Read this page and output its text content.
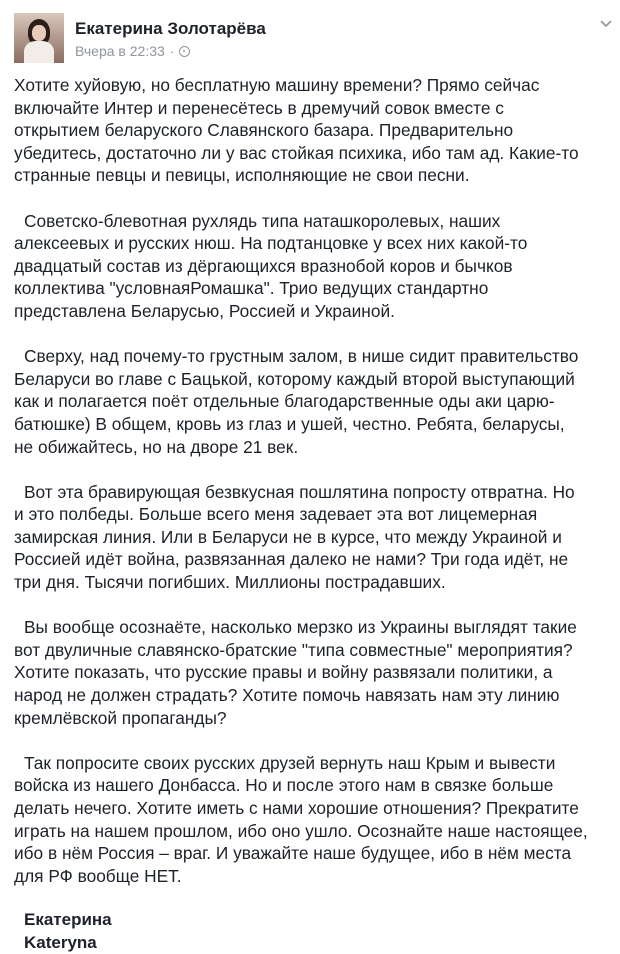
Екатерина Золотарёва
Вчера в 22:33 ·

Хотите хуйовую, но бесплатную машину времени? Прямо сейчас
включайте Интер и перенесётесь в дремучий совок вместе с
открытием беларуского Славянского базара. Предварительно
убедитесь, достаточно ли у вас стойкая психика, ибо там ад. Какие-то
странные певцы и певицы, исполняющие не свои песни.

Советско-блевотная рухлядь типа наташкоролевых, наших
алексеевых и русских нюш. На подтанцовке у всех них какой-то
двадцатый состав из дёргающихся вразнобой коров и бычков
коллектива "условнаяРомашка". Трио ведущих стандартно
представлена Беларусью, Россией и Украиной.

Сверху, над почему-то грустным залом, в нише сидит правительство
Беларуси во главе с Бацькой, которому каждый второй выступающий
как и полагается поёт отдельные благодарственные оды аки царю-
батюшке) В общем, кровь из глаз и ушей, честно. Ребята, беларусы,
не обижайтесь, но на дворе 21 век.

Вот эта бравирующая безвкусная пошлятина попросту отвратна. Но
и это полбеды. Больше всего меня задевает эта вот лицемерная
замирская линия. Или в Беларуси не в курсе, что между Украиной и
Россией идёт война, развязанная далеко не нами? Три года идёт, не
три дня. Тысячи погибших. Миллионы пострадавших.

Вы вообще осознаёте, насколько мерзко из Украины выглядят такие
вот двуличные славянско-братские "типа совместные" мероприятия?
Хотите показать, что русские правы и войну развязали политики, а
народ не должен страдать? Хотите помочь навязать нам эту линию
кремлёвской пропаганды?

Так попросите своих русских друзей вернуть наш Крым и вывести
войска из нашего Донбасса. Но и после этого нам в связке больше
делать нечего. Хотите иметь с нами хорошие отношения? Прекратите
играть на нашем прошлом, ибо оно ушло. Осознайте наше настоящее,
ибо в нём Россия – враг. И уважайте наше будущее, ибо в нём места
для РФ вообще НЕТ.

Екатерина
Kateryna
